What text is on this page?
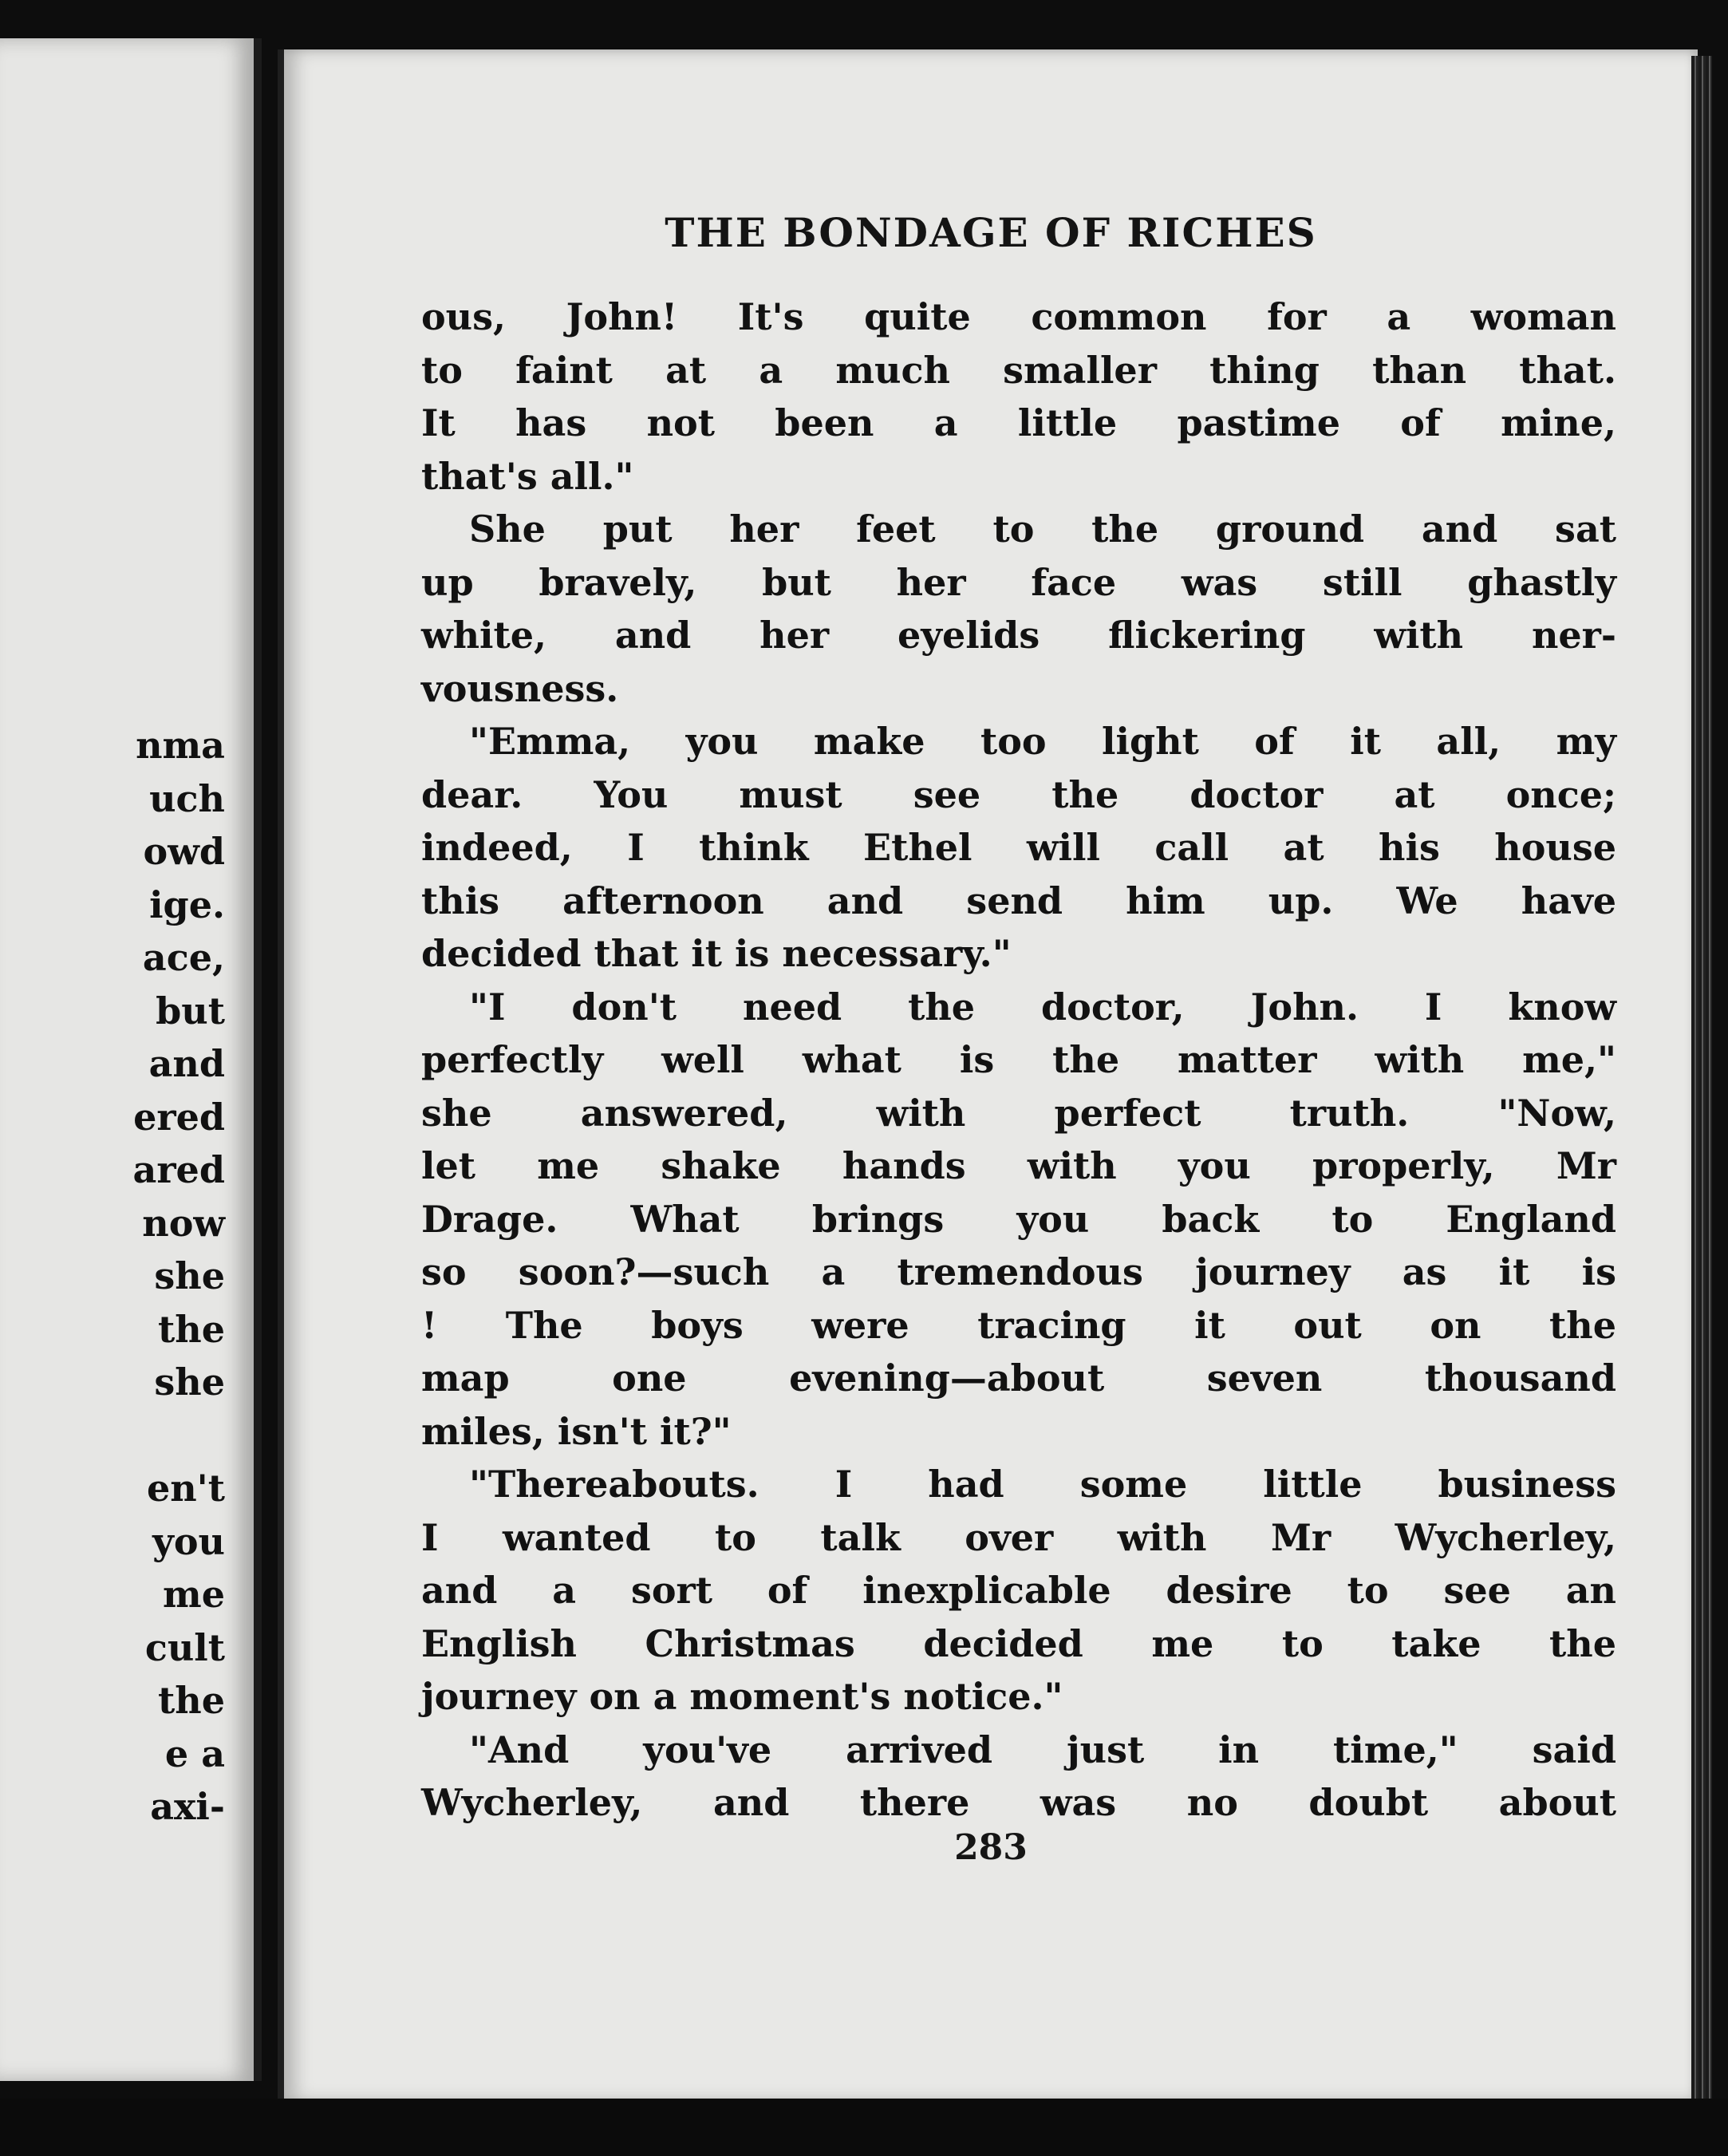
nma
uch
owd
ige.
ace,
but
and
ered
ared
now
she
the
she
en't
you
me
cult
the
e a
axi-
THE BONDAGE OF RICHES

ous, John! It's quite common for a woman

to faint at a much smaller thing than that.

It has not been a little pastime of mine,

that's all."

She put her feet to the ground and sat

up bravely, but her face was still ghastly

white, and her eyelids flickering with ner-

vousness.

"Emma, you make too light of it all, my

dear. You must see the doctor at once;

indeed, I think Ethel will call at his house

this afternoon and send him up. We have

decided that it is necessary."

"I don't need the doctor, John. I know

perfectly well what is the matter with me,"

she answered, with perfect truth. "Now,

let me shake hands with you properly, Mr

Drage. What brings you back to England

so soon?—such a tremendous journey as it is

! The boys were tracing it out on the

map one evening—about seven thousand

miles, isn't it?"

"Thereabouts. I had some little business

I wanted to talk over with Mr Wycherley,

and a sort of inexplicable desire to see an

English Christmas decided me to take the

journey on a moment's notice."

"And you've arrived just in time," said

Wycherley, and there was no doubt about

283
